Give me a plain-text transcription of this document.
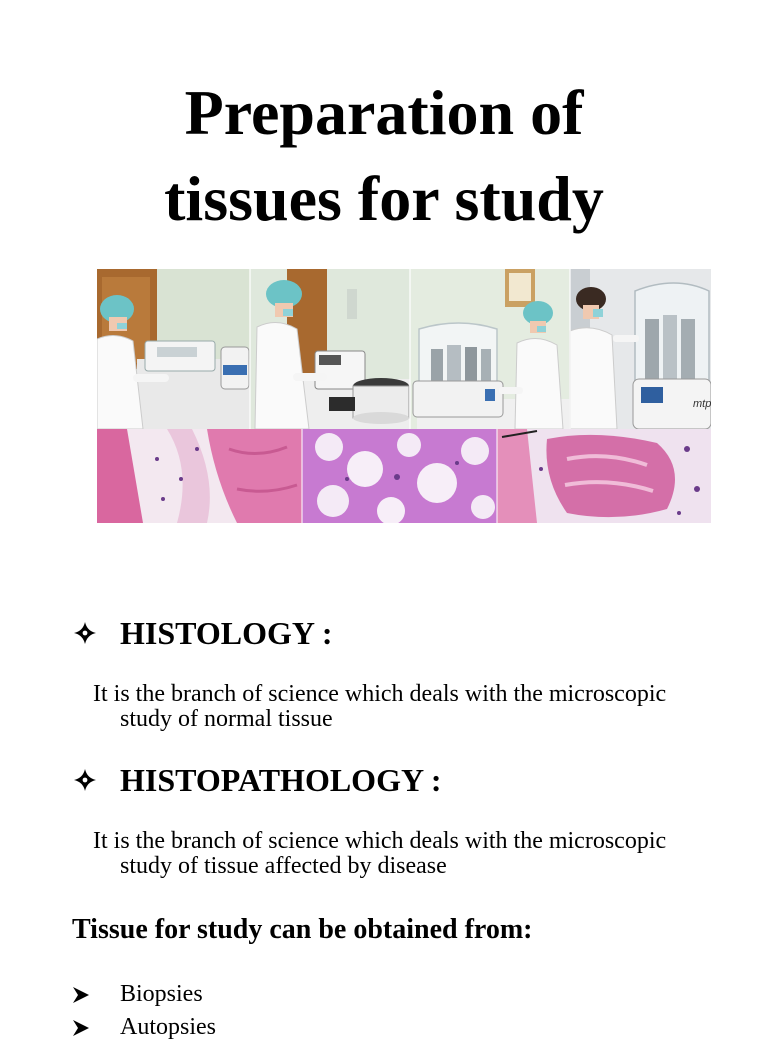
Preparation of
tissues for study
mtp
HISTOLOGY :

It is the branch of science which deals with the microscopic
study of normal tissue

HISTOPATHOLOGY :

It is the branch of science which deals with the microscopic
study of tissue affected by disease

Tissue for study can be obtained from:
Biopsies
Autopsies
